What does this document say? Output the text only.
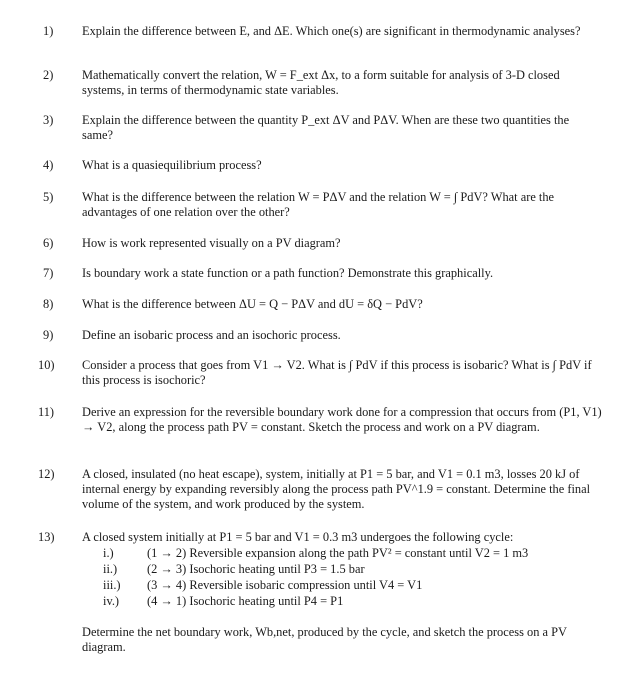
1)	Explain the difference between E, and ΔE. Which one(s) are significant in thermodynamic analyses?
2)	Mathematically convert the relation, W = F_ext Δx, to a form suitable for analysis of 3-D closed systems, in terms of thermodynamic state variables.
3)	Explain the difference between the quantity P_ext ΔV and PΔV. When are these two quantities the same?
4)	What is a quasiequilibrium process?
5)	What is the difference between the relation W = PΔV and the relation W = ∫ PdV? What are the advantages of one relation over the other?
6)	How is work represented visually on a PV diagram?
7)	Is boundary work a state function or a path function? Demonstrate this graphically.
8)	What is the difference between ΔU = Q − PΔV and dU = δQ − PdV?
9)	Define an isobaric process and an isochoric process.
10)	Consider a process that goes from V1 → V2. What is ∫ PdV if this process is isobaric? What is ∫ PdV if this process is isochoric?
11)	Derive an expression for the reversible boundary work done for a compression that occurs from (P1, V1) → V2, along the process path PV = constant. Sketch the process and work on a PV diagram.
12)	A closed, insulated (no heat escape), system, initially at P1 = 5 bar, and V1 = 0.1 m3, losses 20 kJ of internal energy by expanding reversibly along the process path PV^1.9 = constant. Determine the final volume of the system, and work produced by the system.
13)	A closed system initially at P1 = 5 bar and V1 = 0.3 m3 undergoes the following cycle:
i.)	(1 → 2) Reversible expansion along the path PV² = constant until V2 = 1 m3
ii.)	(2 → 3) Isochoric heating until P3 = 1.5 bar
iii.)	(3 → 4) Reversible isobaric compression until V4 = V1
iv.)	(4 → 1) Isochoric heating until P4 = P1
Determine the net boundary work, Wb,net, produced by the cycle, and sketch the process on a PV diagram.
